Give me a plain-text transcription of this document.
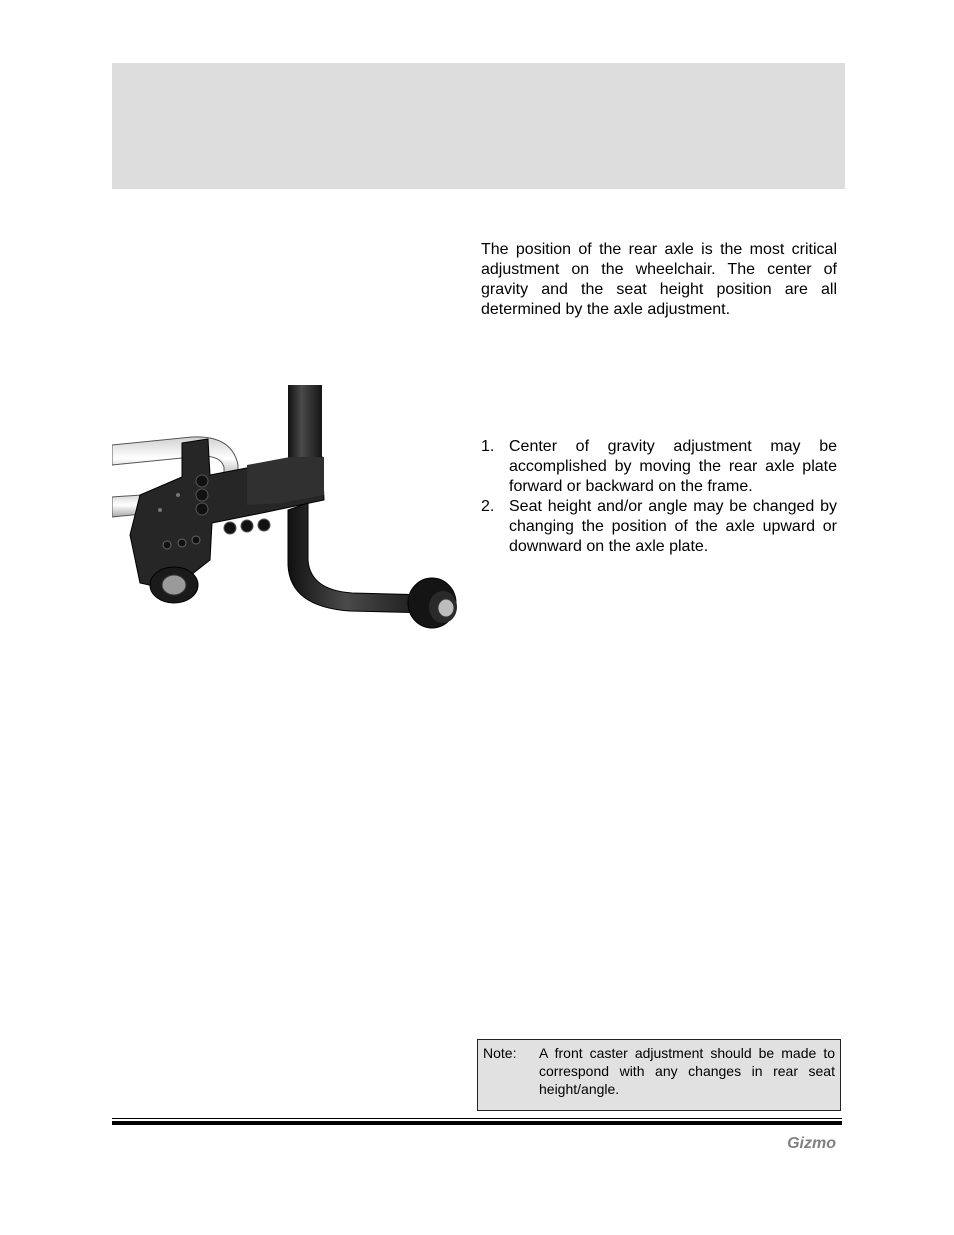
The position of the rear axle is the most critical adjustment on the wheelchair. The center of gravity and the seat height position are all determined by the axle adjustment.

1. Center of gravity adjustment may be accomplished by moving the rear axle plate forward or backward on the frame.
2. Seat height and/or angle may be changed by changing the position of the axle upward or downward on the axle plate.
Note: A front caster adjustment should be made to correspond with any changes in rear seat height/angle.
Gizmo
